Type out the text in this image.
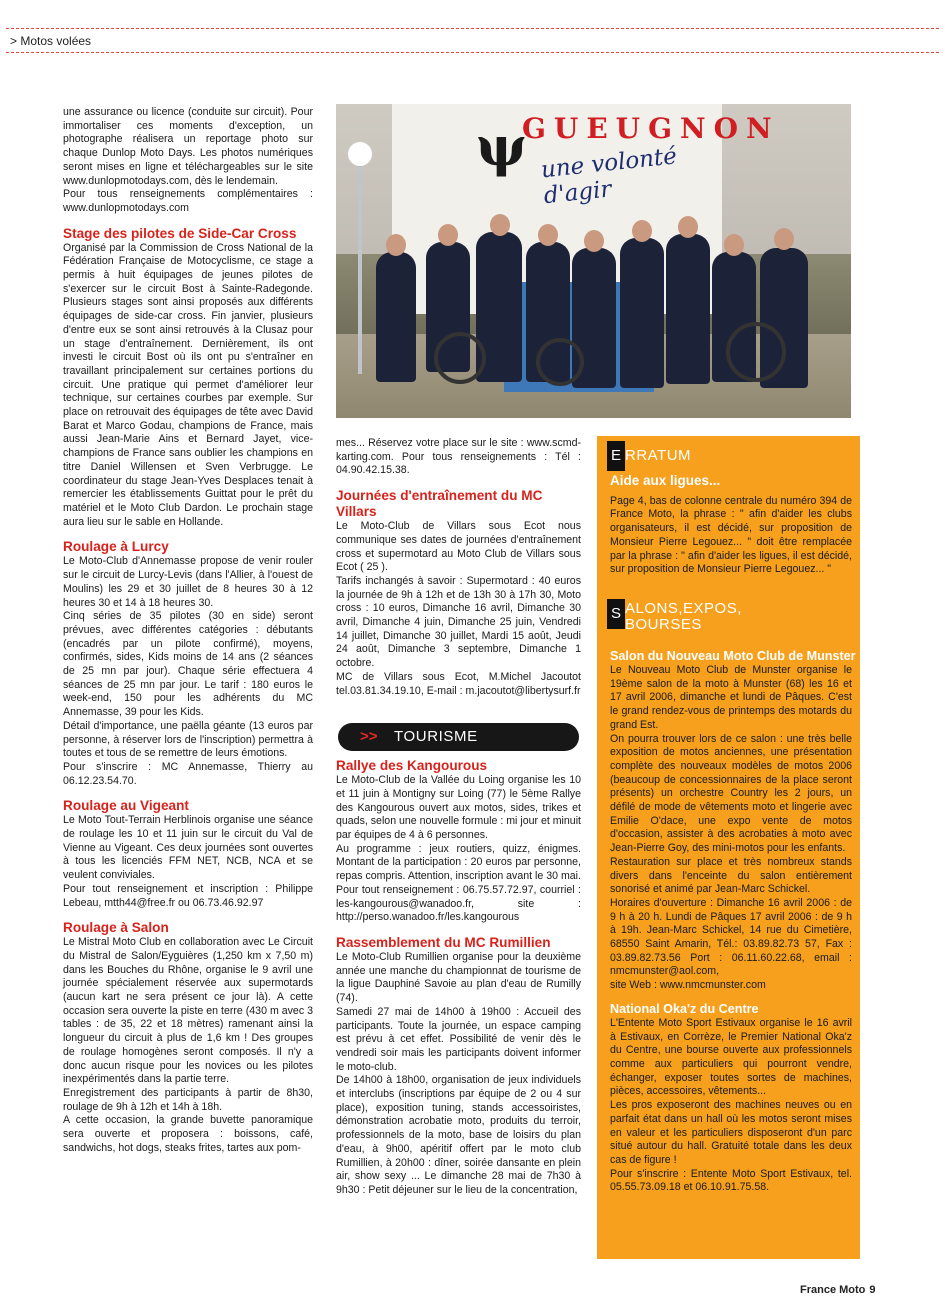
> Motos volées

une assurance ou licence (conduite sur circuit). Pour immortaliser ces moments d'exception, un photographe réalisera un reportage photo sur chaque Dunlop Moto Days. Les photos numériques seront mises en ligne et téléchargeables sur le site www.dunlopmotodays.com, dès le lendemain.

Pour tous renseignements complémentaires : www.dunlopmotodays.com

Stage des pilotes de Side-Car Cross

Organisé par la Commission de Cross National de la Fédération Française de Motocyclisme, ce stage a permis à huit équipages de jeunes pilotes de s'exercer sur le circuit Bost à Sainte-Radegonde. Plusieurs stages sont ainsi proposés aux différents équipages de side-car cross. Fin janvier, plusieurs d'entre eux se sont ainsi retrouvés à la Clusaz pour un stage d'entraînement. Dernièrement, ils ont investi le circuit Bost où ils ont pu s'entraîner en travaillant principalement sur certaines portions du circuit. Une pratique qui permet d'améliorer leur technique, sur certaines courbes par exemple. Sur place on retrouvait des équipages de tête avec David Barat et Marco Godau, champions de France, mais aussi Jean-Marie Ains et Bernard Jayet, vice-champions de France sans oublier les champions en titre Daniel Willensen et Sven Verbrugge. Le coordinateur du stage Jean-Yves Desplaces tenait à remercier les établissements Guittat pour le prêt du matériel et le Moto Club Dardon. Le prochain stage aura lieu sur le sable en Hollande.

Roulage à Lurcy

Le Moto-Club d'Annemasse propose de venir rouler sur le circuit de Lurcy-Levis (dans l'Allier, à l'ouest de Moulins) les 29 et 30 juillet de 8 heures 30 à 12 heures 30 et 14 à 18 heures 30.

Cinq séries de 35 pilotes (30 en side) seront prévues, avec différentes catégories : débutants (encadrés par un pilote confirmé), moyens, confirmés, sides, Kids moins de 14 ans (2 séances de 25 mn par jour). Chaque série effectuera 4 séances de 25 mn par jour. Le tarif : 180 euros le week-end, 150 pour les adhérents du MC Annemasse, 39 pour les Kids.

Détail d'importance, une paëlla géante (13 euros par personne, à réserver lors de l'inscription) permettra à toutes et tous de se remettre de leurs émotions.

Pour s'inscrire : MC Annemasse, Thierry au 06.12.23.54.70.

Roulage au Vigeant

Le Moto Tout-Terrain Herblinois organise une séance de roulage les 10 et 11 juin sur le circuit du Val de Vienne au Vigeant. Ces deux journées sont ouvertes à tous les licenciés FFM NET, NCB, NCA et se veulent conviviales.

Pour tout renseignement et inscription : Philippe Lebeau, mtth44@free.fr ou 06.73.46.92.97

Roulage à Salon

Le Mistral Moto Club en collaboration avec Le Circuit du Mistral de Salon/Eyguières (1,250 km x 7,50 m) dans les Bouches du Rhône, organise le 9 avril une journée spécialement réservée aux supermotards (aucun kart ne sera présent ce jour là). A cette occasion sera ouverte la piste en terre (430 m avec 3 tables : de 35, 22 et 18 mètres) ramenant ainsi la longueur du circuit à plus de 1,6 km ! Des groupes de roulage homogènes seront composés. Il n'y a donc aucun risque pour les novices ou les pilotes inexpérimentés dans la partie terre.

Enregistrement des participants à partir de 8h30, roulage de 9h à 12h et 14h à 18h.

A cette occasion, la grande buvette panoramique sera ouverte et proposera : boissons, café, sandwichs, hot dogs, steaks frites, tartes aux pom-

ψ
GUEUGNON
une volonté d'agir

mes... Réservez votre place sur le site : www.scmd-karting.com. Pour tous renseignements : Tél : 04.90.42.15.38.

Journées d'entraînement du MC Villars

Le Moto-Club de Villars sous Ecot nous communique ses dates de journées d'entraînement cross et supermotard au Moto Club de Villars sous Ecot ( 25 ).

Tarifs inchangés à savoir : Supermotard : 40 euros la journée de 9h à 12h et de 13h 30 à 17h 30, Moto cross : 10 euros, Dimanche 16 avril, Dimanche 30 avril, Dimanche 4 juin, Dimanche 25 juin, Vendredi 14 juillet, Dimanche 30 juillet, Mardi 15 août, Jeudi 24 août, Dimanche 3 septembre, Dimanche 1 octobre.

MC de Villars sous Ecot, M.Michel Jacoutot tel.03.81.34.19.10, E-mail : m.jacoutot@libertysurf.fr

Rallye des Kangourous

Le Moto-Club de la Vallée du Loing organise les 10 et 11 juin à Montigny sur Loing (77) le 5ème Rallye des Kangourous ouvert aux motos, sides, trikes et quads, selon une nouvelle formule : mi jour et minuit par équipes de 4 à 6 personnes.

Au programme : jeux routiers, quizz, énigmes. Montant de la participation : 20 euros par personne, repas compris. Attention, inscription avant le 30 mai.

Pour tout renseignement : 06.75.57.72.97, courriel : les-kangourous@wanadoo.fr, site : http://perso.wanadoo.fr/les.kangourous

Rassemblement du MC Rumillien

Le Moto-Club Rumillien organise pour la deuxième année une manche du championnat de tourisme de la ligue Dauphiné Savoie au plan d'eau de Rumilly (74).

Samedi 27 mai de 14h00 à 19h00 : Accueil des participants. Toute la journée, un espace camping est prévu à cet effet. Possibilité de venir dès le vendredi soir mais les participants doivent informer le moto-club.

De 14h00 à 18h00, organisation de jeux individuels et interclubs (inscriptions par équipe de 2 ou 4 sur place), exposition tuning, stands accessoiristes, démonstration acrobatie moto, produits du terroir, professionnels de la moto, base de loisirs du plan d'eau, à 9h00, apéritif offert par le moto club Rumillien, à 20h00 : dîner, soirée dansante en plein air, show sexy ... Le dimanche 28 mai de 7h30 à 9h30 : Petit déjeuner sur le lieu de la concentration,

>> TOURISME
E RRATUM
Aide aux ligues...

Page 4, bas de colonne centrale du numéro 394 de France Moto, la phrase : " afin d'aider les clubs organisateurs, il est décidé, sur proposition de Monsieur Pierre Legouez... " doit être remplacée par la phrase : " afin d'aider les ligues, il est décidé, sur proposition de Monsieur Pierre Legouez... "

S ALONS,EXPOS,
BOURSES
Salon du Nouveau Moto Club de Munster

Le Nouveau Moto Club de Munster organise le 19ème salon de la moto à Munster (68) les 16 et 17 avril 2006, dimanche et lundi de Pâques. C'est le grand rendez-vous de printemps des motards du grand Est.

On pourra trouver lors de ce salon : une très belle exposition de motos anciennes, une présentation complète des nouveaux modèles de motos 2006 (beaucoup de concessionnaires de la place seront présents) un orchestre Country les 2 jours, un défilé de mode de vêtements moto et lingerie avec Emilie O'dace, une expo vente de motos d'occasion, assister à des acrobaties à moto avec Jean-Pierre Goy, des mini-motos pour les enfants.

Restauration sur place et très nombreux stands divers dans l'enceinte du salon entièrement sonorisé et animé par Jean-Marc Schickel.

Horaires d'ouverture : Dimanche 16 avril 2006 : de 9 h à 20 h. Lundi de Pâques 17 avril 2006 : de 9 h à 19h. Jean-Marc Schickel, 14 rue du Cimetière, 68550 Saint Amarin, Tél.: 03.89.82.73 57, Fax : 03.89.82.73.56 Port : 06.11.60.22.68, email : nmcmunster@aol.com,

site Web : www.nmcmunster.com

National Oka'z du Centre

L'Entente Moto Sport Estivaux organise le 16 avril à Estivaux, en Corrèze, le Premier National Oka'z du Centre, une bourse ouverte aux professionnels comme aux particuliers qui pourront vendre, échanger, exposer toutes sortes de machines, pièces, accessoires, vêtements...

Les pros exposeront des machines neuves ou en parfait état dans un hall où les motos seront mises en valeur et les particuliers disposeront d'un parc situé autour du hall. Gratuité totale dans les deux cas de figure !

Pour s'inscrire : Entente Moto Sport Estivaux, tel. 05.55.73.09.18 et 06.10.91.75.58.

France Moto 9
